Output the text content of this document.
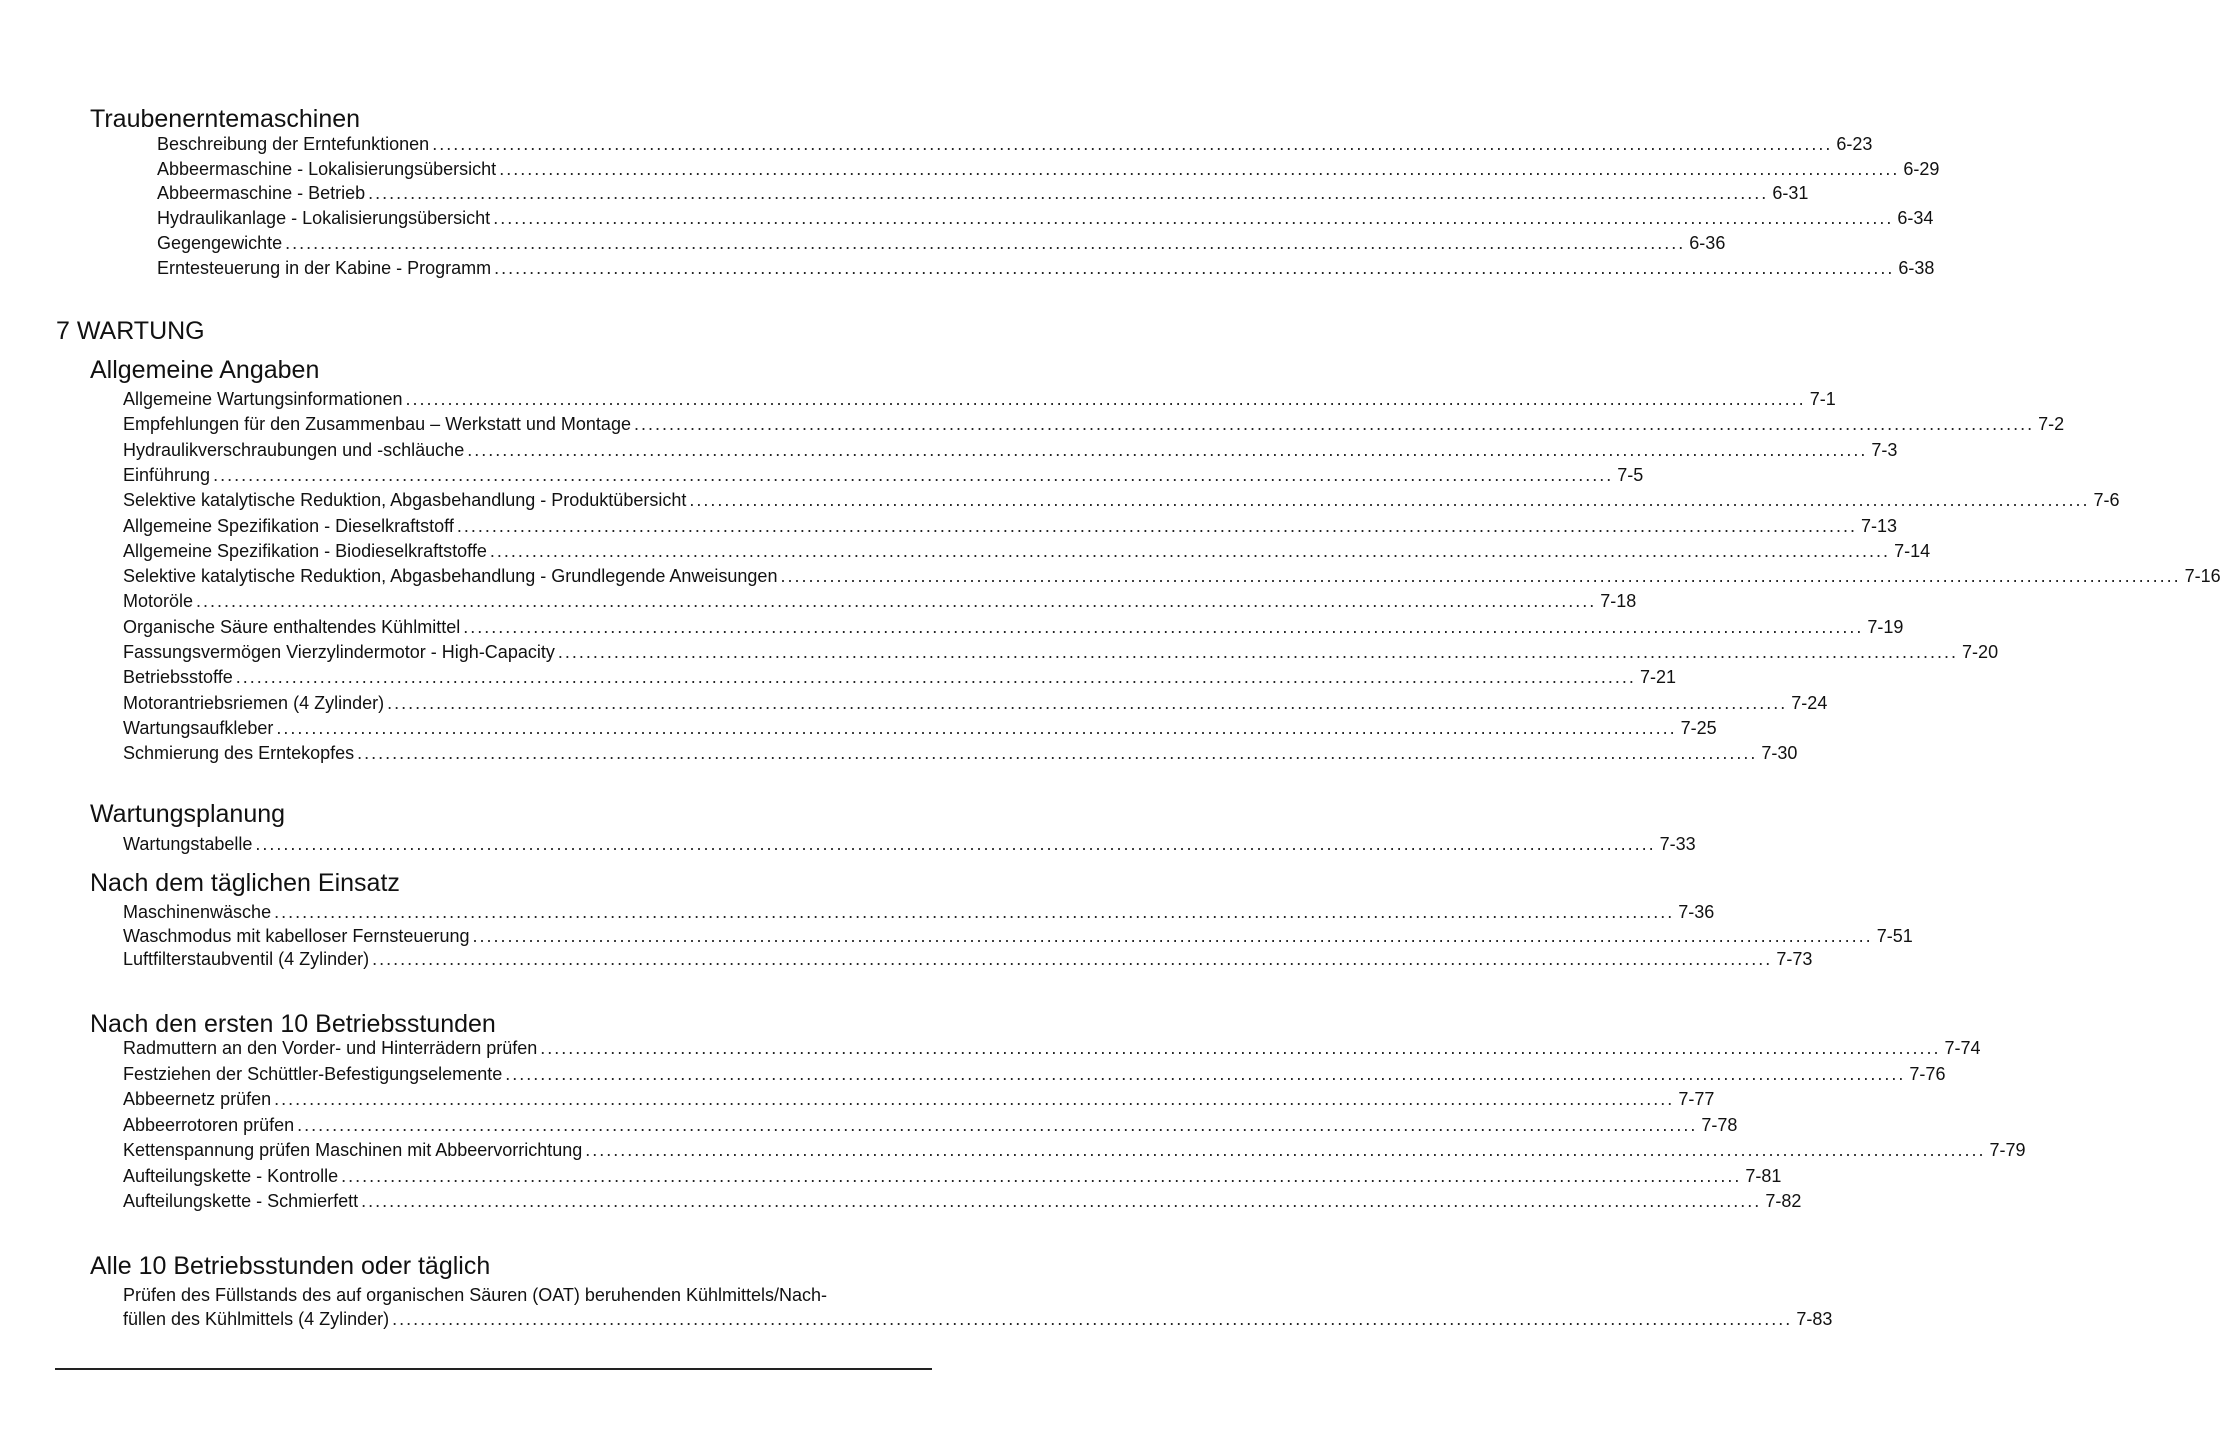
Traubenerntemaschinen
Beschreibung der Erntefunktionen ........................................................................................................................................................................................................ 6-23
Abbeermaschine - Lokalisierungsübersicht ........................................................................................................................................................................................................ 6-29
Abbeermaschine - Betrieb ........................................................................................................................................................................................................ 6-31
Hydraulikanlage - Lokalisierungsübersicht ........................................................................................................................................................................................................ 6-34
Gegengewichte ........................................................................................................................................................................................................ 6-36
Erntesteuerung in der Kabine - Programm ........................................................................................................................................................................................................ 6-38
7 WARTUNG
Allgemeine Angaben
Allgemeine Wartungsinformationen ........................................................................................................................................................................................................ 7-1
Empfehlungen für den Zusammenbau – Werkstatt und Montage ........................................................................................................................................................................................................ 7-2
Hydraulikverschraubungen und -schläuche ........................................................................................................................................................................................................ 7-3
Einführung ........................................................................................................................................................................................................ 7-5
Selektive katalytische Reduktion, Abgasbehandlung - Produktübersicht ........................................................................................................................................................................................................ 7-6
Allgemeine Spezifikation - Dieselkraftstoff ........................................................................................................................................................................................................ 7-13
Allgemeine Spezifikation - Biodieselkraftstoffe ........................................................................................................................................................................................................ 7-14
Selektive katalytische Reduktion, Abgasbehandlung - Grundlegende Anweisungen ........................................................................................................................................................................................................ 7-16
Motoröle ........................................................................................................................................................................................................ 7-18
Organische Säure enthaltendes Kühlmittel ........................................................................................................................................................................................................ 7-19
Fassungsvermögen Vierzylindermotor - High-Capacity ........................................................................................................................................................................................................ 7-20
Betriebsstoffe ........................................................................................................................................................................................................ 7-21
Motorantriebsriemen (4 Zylinder) ........................................................................................................................................................................................................ 7-24
Wartungsaufkleber ........................................................................................................................................................................................................ 7-25
Schmierung des Erntekopfes ........................................................................................................................................................................................................ 7-30
Wartungsplanung
Wartungstabelle ........................................................................................................................................................................................................ 7-33
Nach dem täglichen Einsatz
Maschinenwäsche ........................................................................................................................................................................................................ 7-36
Waschmodus mit kabelloser Fernsteuerung ........................................................................................................................................................................................................ 7-51
Luftfilterstaubventil (4 Zylinder) ........................................................................................................................................................................................................ 7-73
Nach den ersten 10 Betriebsstunden
Radmuttern an den Vorder- und Hinterrädern prüfen ........................................................................................................................................................................................................ 7-74
Festziehen der Schüttler-Befestigungselemente ........................................................................................................................................................................................................ 7-76
Abbeernetz prüfen ........................................................................................................................................................................................................ 7-77
Abbeerrotoren prüfen ........................................................................................................................................................................................................ 7-78
Kettenspannung prüfen Maschinen mit Abbeervorrichtung ........................................................................................................................................................................................................ 7-79
Aufteilungskette - Kontrolle ........................................................................................................................................................................................................ 7-81
Aufteilungskette - Schmierfett ........................................................................................................................................................................................................ 7-82
Alle 10 Betriebsstunden oder täglich
Prüfen des Füllstands des auf organischen Säuren (OAT) beruhenden Kühlmittels/Nach-
füllen des Kühlmittels (4 Zylinder) ........................................................................................................................................................................................................ 7-83
